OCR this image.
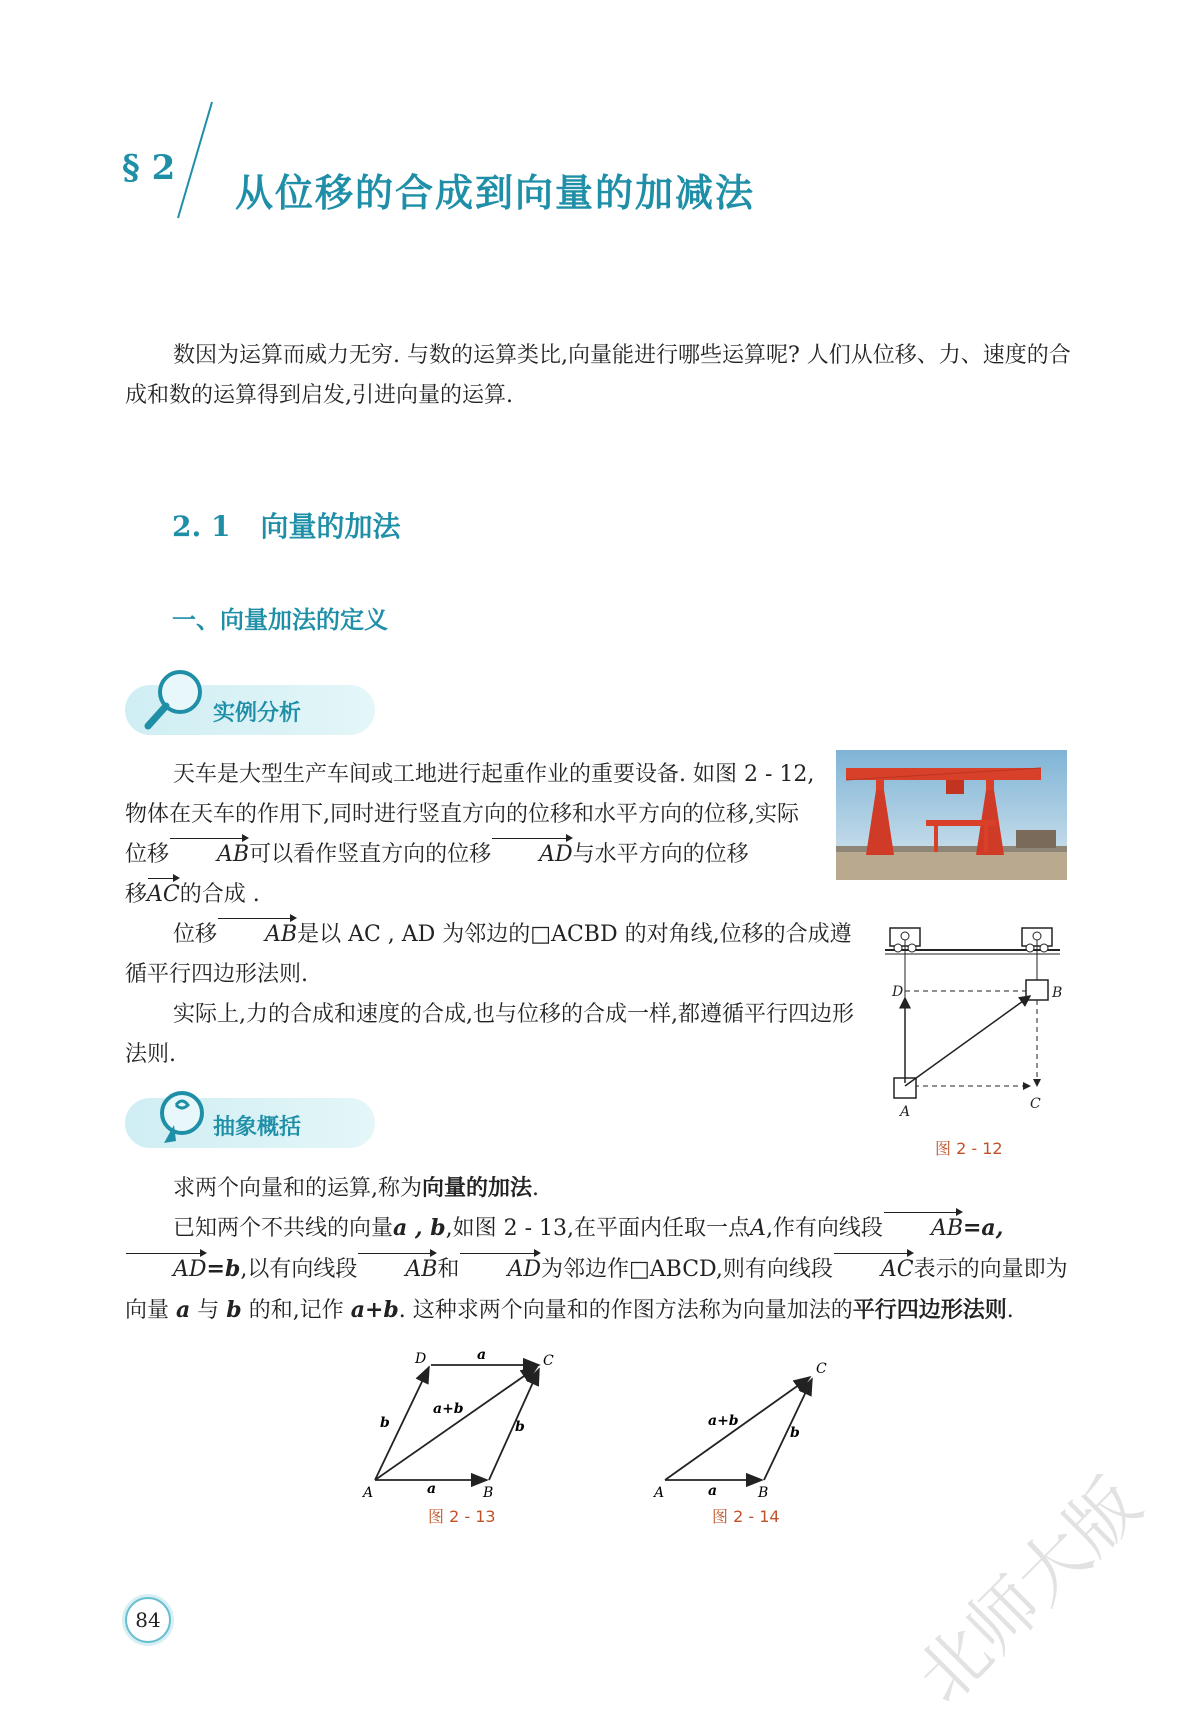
§ 2
从位移的合成到向量的加减法
数因为运算而威力无穷. 与数的运算类比,向量能进行哪些运算呢? 人们从位移、力、速度的合成和数的运算得到启发,引进向量的运算.
2. 1 向量的加法
一、向量加法的定义
实例分析
天车是大型生产车间或工地进行起重作业的重要设备. 如图 2 - 12,物体在天车的作用下,同时进行竖直方向的位移和水平方向的位移,实际位移 AB可以看作竖直方向的位移 AD与水平方向的位移
移AC的合成 .
位移 AB是以 AC , AD 为邻边的□ACBD 的对角线,位移的合成遵循平行四边形法则.
实际上,力的合成和速度的合成,也与位移的合成一样,都遵循平行四边形法则.
D	B
A	C
图 2 - 12
抽象概括
求两个向量和的运算,称为向量的加法.
已知两个不共线的向量a , b,如图 2 - 13,在平面内任取一点A,作有向线段 AB=a,AD=b,以有向线段 AB和 AD为邻边作□ABCD,则有向线段 AC表示的向量即为向量 a 与 b 的和,记作 a+b. 这种求两个向量和的作图方法称为向量加法的平行四边形法则.
A	B
C
D
a
a
b	b
a+b
图 2 - 13
A	B
C
a
b
a+b
图 2 - 14
84	北师大版
